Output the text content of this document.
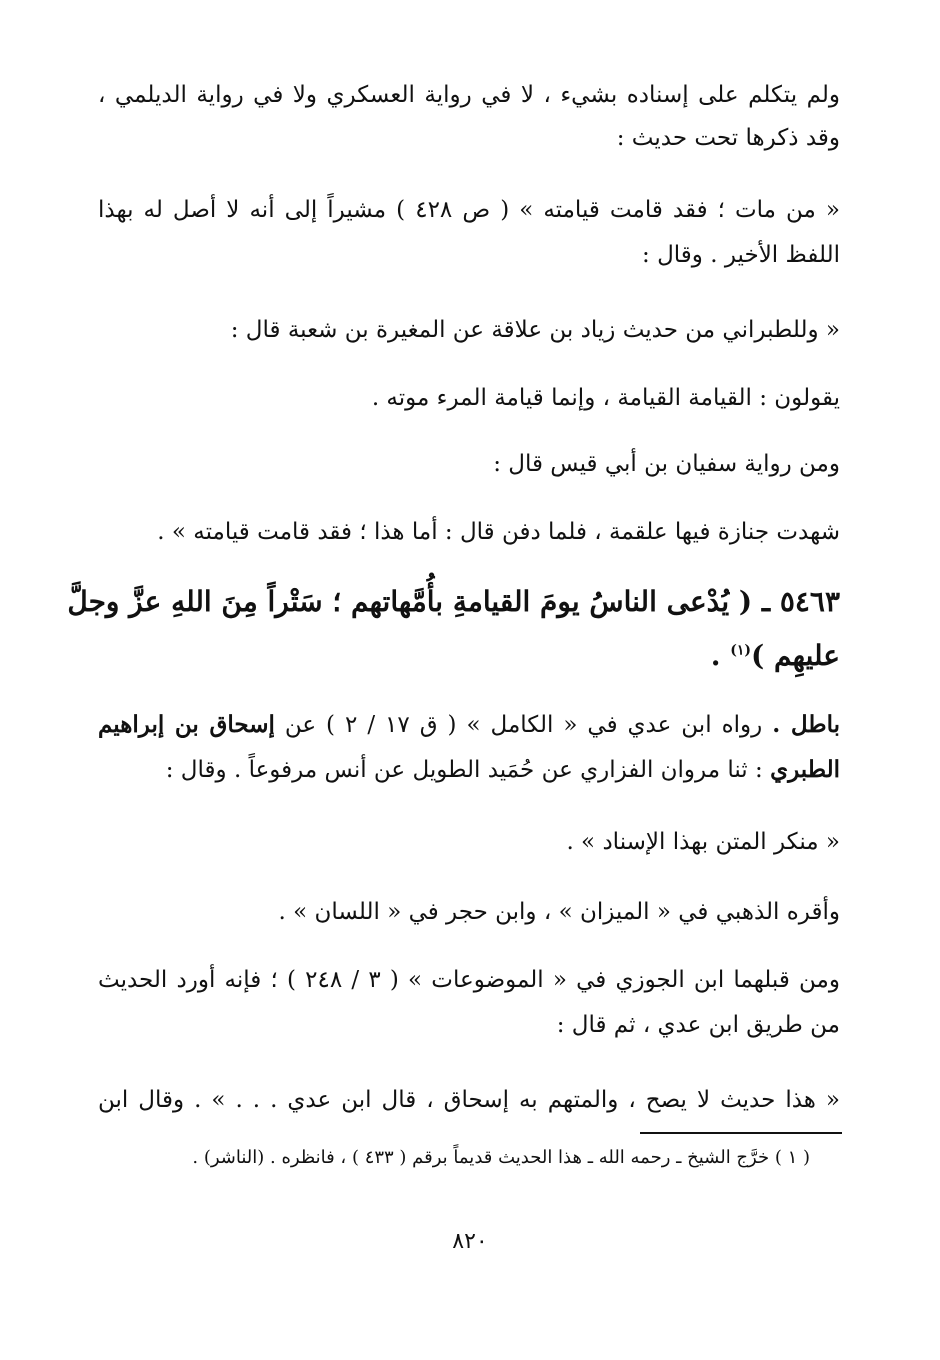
ولم يتكلم على إسناده بشيء ، لا في رواية العسكري ولا في رواية الديلمي ،
وقد ذكرها تحت حديث :
« من مات ؛ فقد قامت قيامته » ( ص ٤٢٨ ) مشيراً إلى أنه لا أصل له بهذا
اللفظ الأخير . وقال :
« وللطبراني من حديث زياد بن علاقة عن المغيرة بن شعبة قال :
يقولون : القيامة القيامة ، وإنما قيامة المرء موته .
ومن رواية سفيان بن أبي قيس قال :
شهدت جنازة فيها علقمة ، فلما دفن قال : أما هذا ؛ فقد قامت قيامته » .
٥٤٦٣ ـ ( يُدْعى الناسُ يومَ القيامةِ بأُمَّهاتهم ؛ سَتْراً مِنَ اللهِ عزَّ وجلَّ
عليهِم )$^{(١)}$ .
باطل . رواه ابن عدي في « الكامل » ( ق ١٧ / ٢ ) عن إسحاق بن إبراهيم
الطبري : ثنا مروان الفزاري عن حُمَيد الطويل عن أنس مرفوعاً . وقال :
« منكر المتن بهذا الإسناد » .
وأقره الذهبي في « الميزان » ، وابن حجر في « اللسان » .
ومن قبلهما ابن الجوزي في « الموضوعات » ( ٣ / ٢٤٨ ) ؛ فإنه أورد الحديث
من طريق ابن عدي ، ثم قال :
« هذا حديث لا يصح ، والمتهم به إسحاق ، قال ابن عدي . . . » . وقال ابن
( ١ ) خرَّج الشيخ ـ رحمه الله ـ هذا الحديث قديماً برقم ( ٤٣٣ ) ، فانظره . (الناشر) .
٨٢٠
